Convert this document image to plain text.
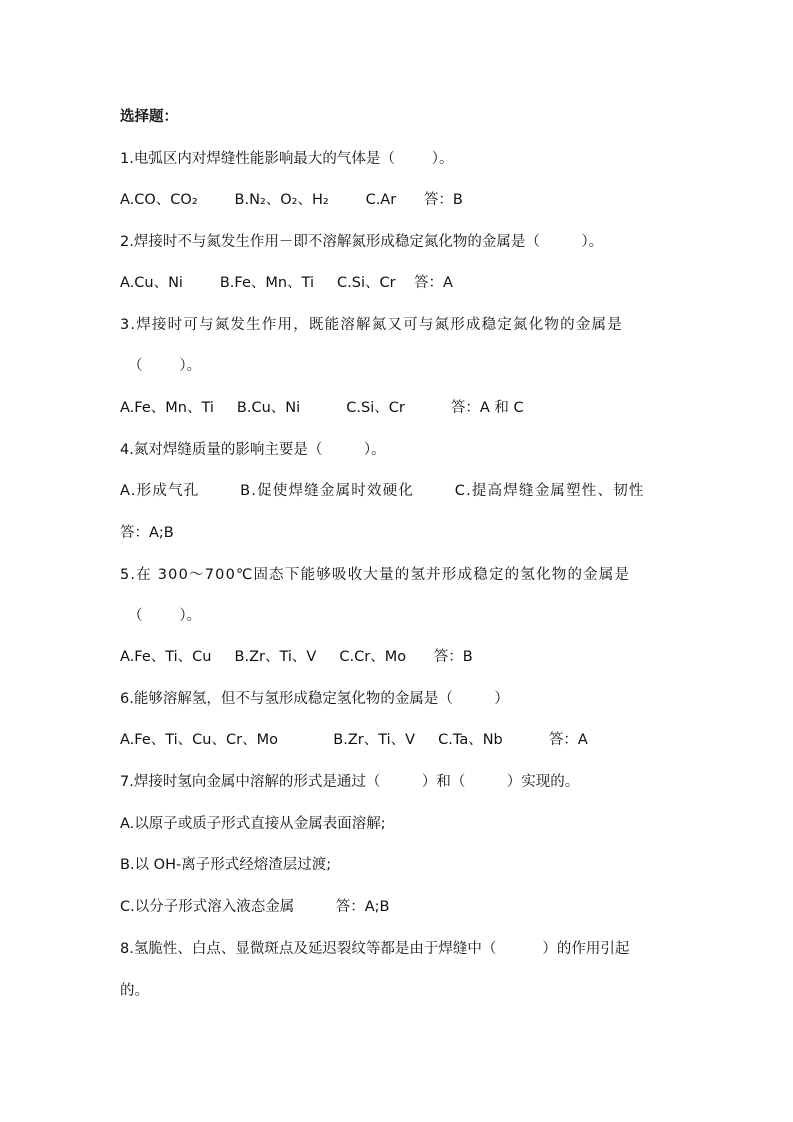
选择题：

1.电弧区内对焊缝性能影响最大的气体是（        ）。

A.CO、CO₂        B.N₂、O₂、H₂        C.Ar      答：B

2.焊接时不与氮发生作用－即不溶解氮形成稳定氮化物的金属是（         ）。

A.Cu、Ni        B.Fe、Mn、Ti     C.Si、Cr    答：A

3.焊接时可与氮发生作用，既能溶解氮又可与氮形成稳定氮化物的金属是

（        ）。

A.Fe、Mn、Ti     B.Cu、Ni          C.Si、Cr          答：A 和 C

4.氮对焊缝质量的影响主要是（         ）。

A.形成气孔       B.促使焊缝金属时效硬化       C.提高焊缝金属塑性、韧性

答：A;B

5.在 300～700℃固态下能够吸收大量的氢并形成稳定的氢化物的金属是

（        ）。

A.Fe、Ti、Cu     B.Zr、Ti、V     C.Cr、Mo      答：B

6.能够溶解氢，但不与氢形成稳定氢化物的金属是（         ）

A.Fe、Ti、Cu、Cr、Mo            B.Zr、Ti、V     C.Ta、Nb          答：A

7.焊接时氢向金属中溶解的形式是通过（         ）和（         ）实现的。

A.以原子或质子形式直接从金属表面溶解;

B.以 OH-离子形式经熔渣层过渡;

C.以分子形式溶入液态金属         答：A;B

8.氢脆性、白点、显微斑点及延迟裂纹等都是由于焊缝中（          ）的作用引起

的。
